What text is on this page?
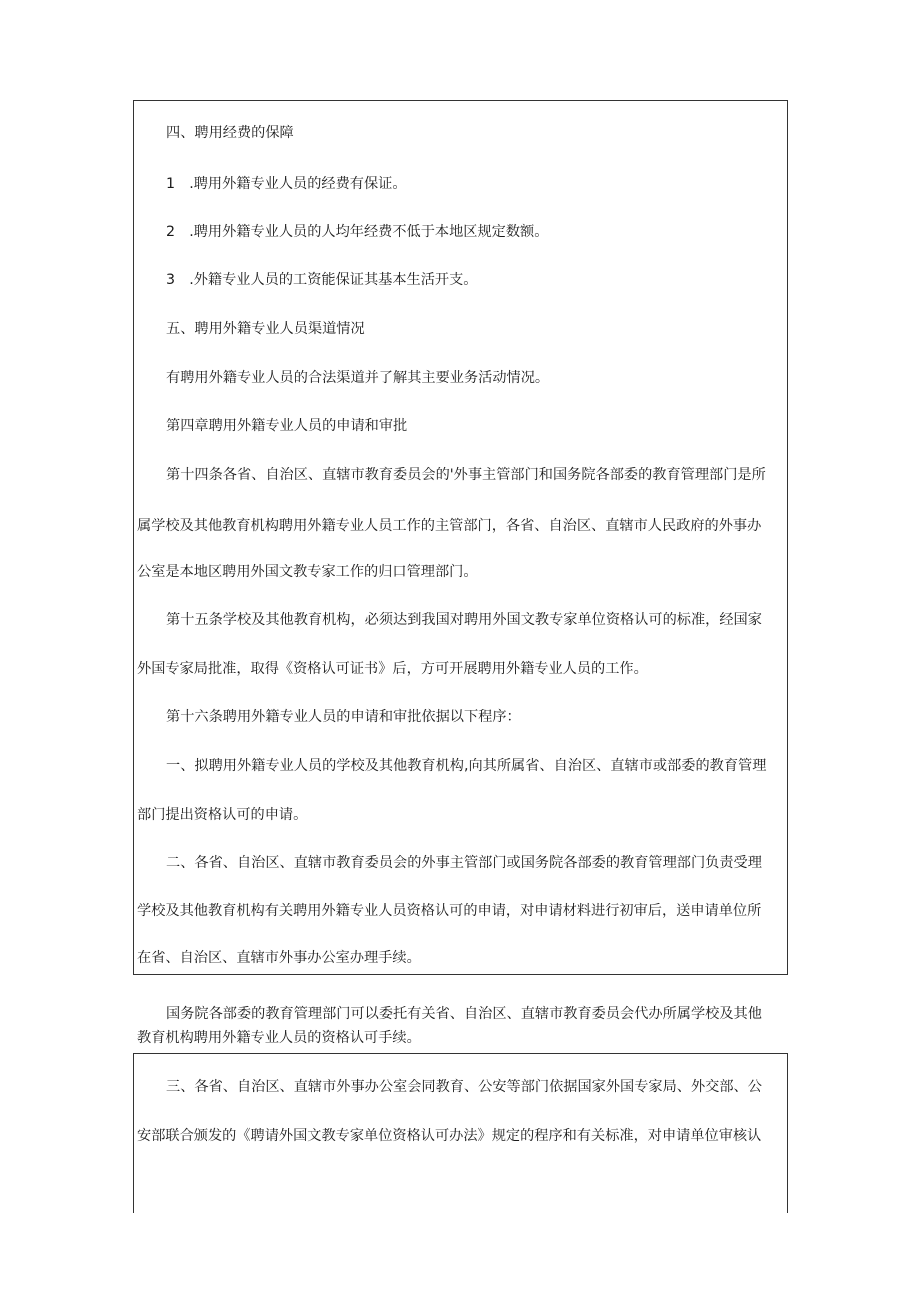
四、聘用经费的保障
1　.聘用外籍专业人员的经费有保证。
2　.聘用外籍专业人员的人均年经费不低于本地区规定数额。
3　.外籍专业人员的工资能保证其基本生活开支。
五、聘用外籍专业人员渠道情况
有聘用外籍专业人员的合法渠道并了解其主要业务活动情况。
第四章聘用外籍专业人员的申请和审批
第十四条各省、自治区、直辖市教育委员会的'外事主管部门和国务院各部委的教育管理部门是所
属学校及其他教育机构聘用外籍专业人员工作的主管部门，各省、自治区、直辖市人民政府的外事办
公室是本地区聘用外国文教专家工作的归口管理部门。
第十五条学校及其他教育机构，必须达到我国对聘用外国文教专家单位资格认可的标准，经国家
外国专家局批准，取得《资格认可证书》后，方可开展聘用外籍专业人员的工作。
第十六条聘用外籍专业人员的申请和审批依据以下程序：
一、拟聘用外籍专业人员的学校及其他教育机构,向其所属省、自治区、直辖市或部委的教育管理
部门提出资格认可的申请。
二、各省、自治区、直辖市教育委员会的外事主管部门或国务院各部委的教育管理部门负责受理
学校及其他教育机构有关聘用外籍专业人员资格认可的申请，对申请材料进行初审后，送申请单位所
在省、自治区、直辖市外事办公室办理手续。
国务院各部委的教育管理部门可以委托有关省、自治区、直辖市教育委员会代办所属学校及其他
教育机构聘用外籍专业人员的资格认可手续。
三、各省、自治区、直辖市外事办公室会同教育、公安等部门依据国家外国专家局、外交部、公
安部联合颁发的《聘请外国文教专家单位资格认可办法》规定的程序和有关标准，对申请单位审核认
